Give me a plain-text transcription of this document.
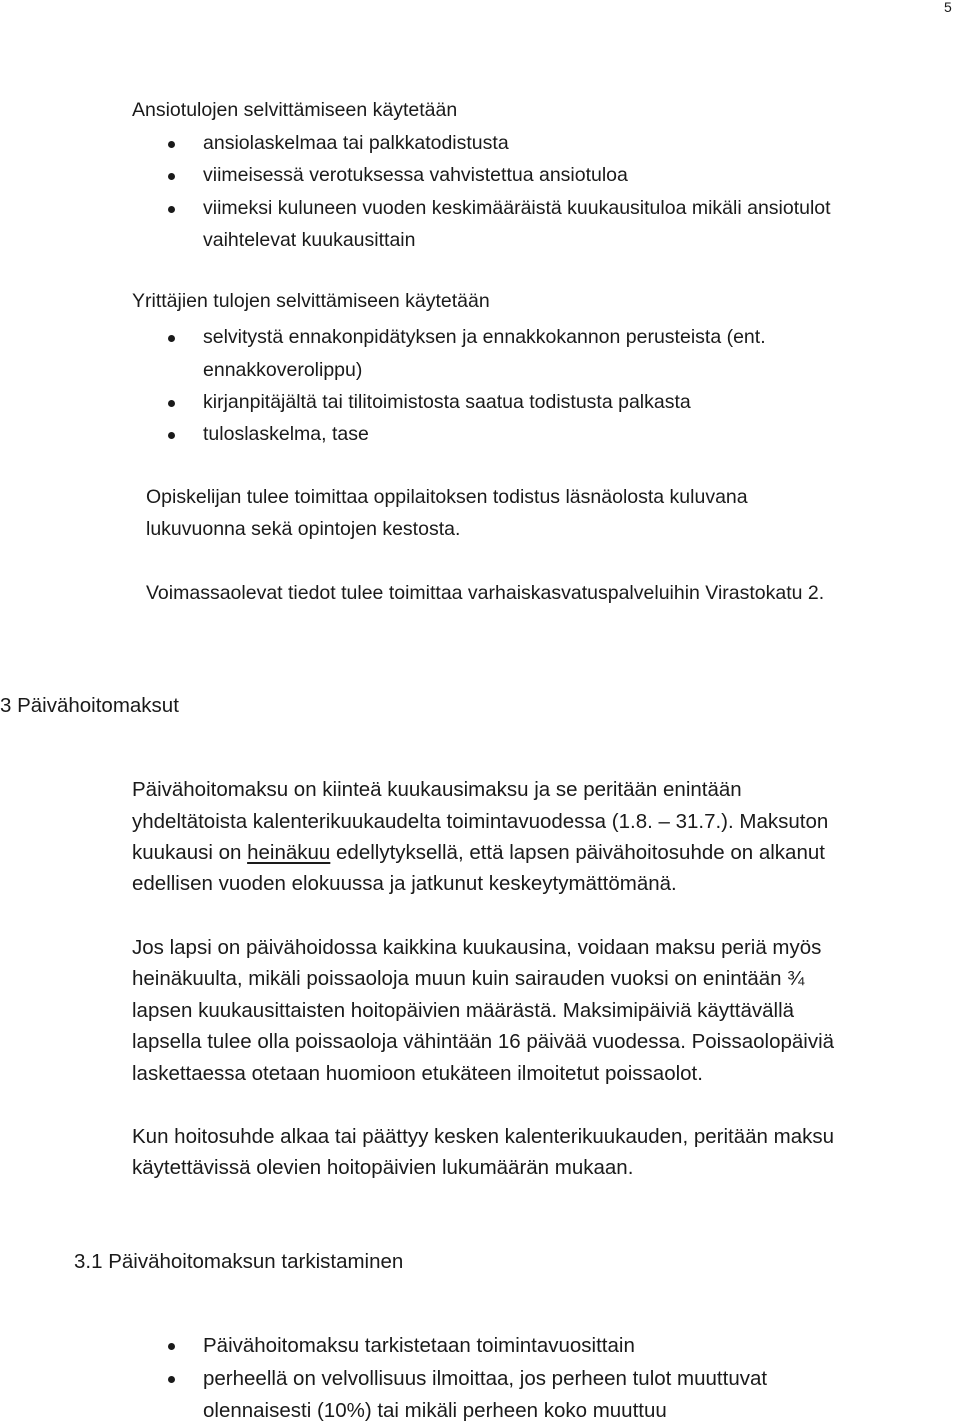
5
Ansiotulojen selvittämiseen käytetään
ansiolaskelmaa tai palkkatodistusta
viimeisessä verotuksessa vahvistettua ansiotuloa
viimeksi kuluneen vuoden keskimääräistä kuukausituloa mikäli ansiotulot
vaihtelevat kuukausittain
Yrittäjien tulojen selvittämiseen käytetään
selvitystä ennakonpidätyksen ja ennakkokannon perusteista (ent.
ennakkoverolippu)
kirjanpitäjältä tai tilitoimistosta saatua todistusta palkasta
tuloslaskelma, tase
Opiskelijan tulee toimittaa oppilaitoksen todistus läsnäolosta kuluvana
lukuvuonna sekä opintojen kestosta.
Voimassaolevat tiedot tulee toimittaa varhaiskasvatuspalveluihin Virastokatu 2.
3 Päivähoitomaksut
Päivähoitomaksu on kiinteä kuukausimaksu ja se peritään enintään
yhdeltätoista kalenterikuukaudelta toimintavuodessa (1.8. – 31.7.). Maksuton
kuukausi on heinäkuu edellytyksellä, että lapsen päivähoitosuhde on alkanut
edellisen vuoden elokuussa ja jatkunut keskeytymättömänä.
Jos lapsi on päivähoidossa kaikkina kuukausina, voidaan maksu periä myös
heinäkuulta, mikäli poissaoloja muun kuin sairauden vuoksi on enintään ¾
lapsen kuukausittaisten hoitopäivien määrästä. Maksimipäiviä käyttävällä
lapsella tulee olla poissaoloja vähintään 16 päivää vuodessa. Poissaolopäiviä
laskettaessa otetaan huomioon etukäteen ilmoitetut poissaolot.
Kun hoitosuhde alkaa tai päättyy kesken kalenterikuukauden, peritään maksu
käytettävissä olevien hoitopäivien lukumäärän mukaan.
3.1 Päivähoitomaksun tarkistaminen
Päivähoitomaksu tarkistetaan toimintavuosittain
perheellä on velvollisuus ilmoittaa, jos perheen tulot muuttuvat
olennaisesti (10%) tai mikäli perheen koko muuttuu
